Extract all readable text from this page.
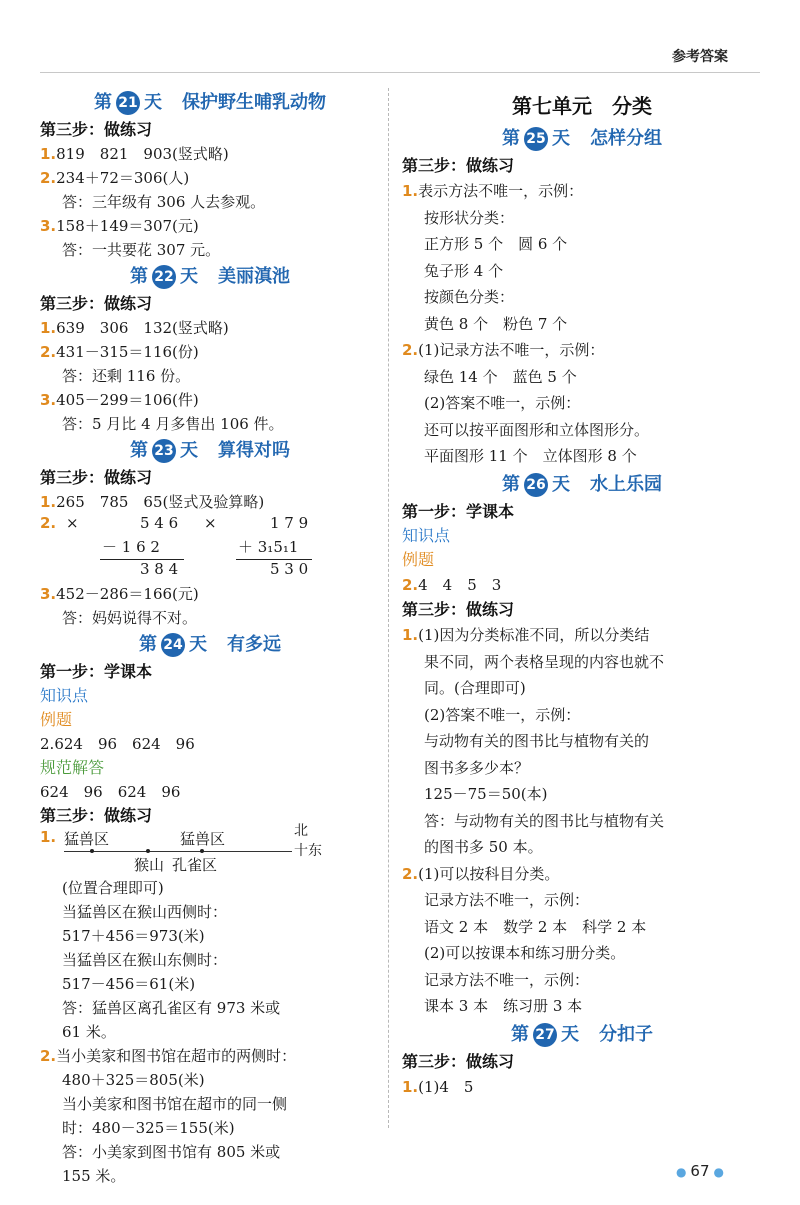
参考答案
第 21 天 保护野生哺乳动物
第三步：做练习
1.819　821　903(竖式略)
2.234＋72＝306(人)
答：三年级有 306 人去参观。
3.158＋149＝307(元)
答：一共要花 307 元。
第 22 天 美丽滇池
第三步：做练习
1.639　306　132(竖式略)
2.431－315＝116(份)
答：还剩 116 份。
3.405－299＝106(件)
答：5 月比 4 月多售出 106 件。
第 23 天 算得对吗
第三步：做练习
1.265　785　65(竖式及验算略)
2. ×	5 4 6
－ 1 6 2
3 8 4
×	1 7 9
＋ 3₁5₁1
5 3 0
3.452－286＝166(元)
答：妈妈说得不对。
第 24 天 有多远
第一步：学课本
知识点
例题
2.624　96　624　96
规范解答
624　96　624　96
第三步：做练习
1. 猛兽区	猛兽区	北
十东
猴山 孔雀区
(位置合理即可)
当猛兽区在猴山西侧时：
517＋456＝973(米)
当猛兽区在猴山东侧时：
517－456＝61(米)
答：猛兽区离孔雀区有 973 米或
61 米。
2.当小美家和图书馆在超市的两侧时：
480＋325＝805(米)
当小美家和图书馆在超市的同一侧
时：480－325＝155(米)
答：小美家到图书馆有 805 米或
155 米。
第七单元　分类
第 25 天 怎样分组
第三步：做练习
1.表示方法不唯一，示例：
按形状分类：
正方形 5 个　圆 6 个
兔子形 4 个
按颜色分类：
黄色 8 个　粉色 7 个
2.(1)记录方法不唯一，示例：
绿色 14 个　蓝色 5 个
(2)答案不唯一，示例：
还可以按平面图形和立体图形分。
平面图形 11 个　立体图形 8 个
第 26 天 水上乐园
第一步：学课本
知识点
例题
2.4　4　5　3
第三步：做练习
1.(1)因为分类标准不同，所以分类结
果不同，两个表格呈现的内容也就不
同。(合理即可)
(2)答案不唯一，示例：
与动物有关的图书比与植物有关的
图书多多少本？
125－75＝50(本)
答：与动物有关的图书比与植物有关
的图书多 50 本。
2.(1)可以按科目分类。
记录方法不唯一，示例：
语文 2 本　数学 2 本　科学 2 本
(2)可以按课本和练习册分类。
记录方法不唯一，示例：
课本 3 本　练习册 3 本
第 27 天 分扣子
第三步：做练习
1.(1)4　5
● 67 ●
